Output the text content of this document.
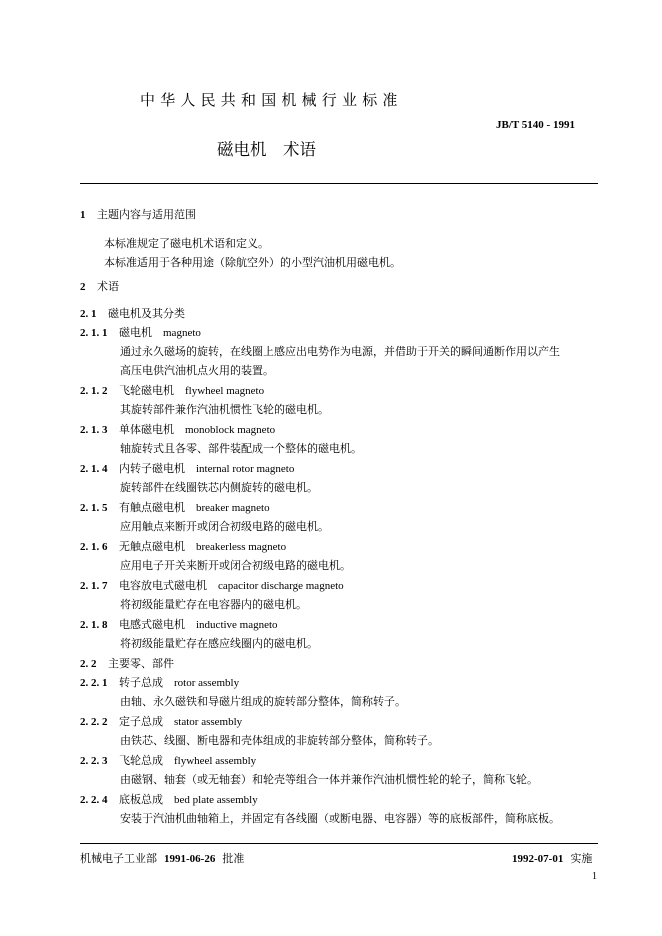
中华人民共和国机械行业标准
JB/T 5140 - 1991
磁电机　术语
1 主题内容与适用范围
本标准规定了磁电机术语和定义。
本标准适用于各种用途（除航空外）的小型汽油机用磁电机。
2 术语
2. 1 磁电机及其分类
2. 1. 1 磁电机　 magneto
通过永久磁场的旋转，在线圈上感应出电势作为电源，并借助于开关的瞬间通断作用以产生
高压电供汽油机点火用的装置。
2. 1. 2 飞轮磁电机　 flywheel magneto
其旋转部件兼作汽油机惯性飞轮的磁电机。
2. 1. 3 单体磁电机　 monoblock magneto
轴旋转式且各零、部件装配成一个整体的磁电机。
2. 1. 4 内转子磁电机　 internal rotor magneto
旋转部件在线圈铁芯内侧旋转的磁电机。
2. 1. 5 有触点磁电机　 breaker magneto
应用触点来断开或闭合初级电路的磁电机。
2. 1. 6 无触点磁电机　 breakerless magneto
应用电子开关来断开或闭合初级电路的磁电机。
2. 1. 7 电容放电式磁电机　 capacitor discharge magneto
将初级能量贮存在电容器内的磁电机。
2. 1. 8 电感式磁电机　 inductive magneto
将初级能量贮存在感应线圈内的磁电机。
2. 2 主要零、部件
2. 2. 1 转子总成　 rotor assembly
由轴、永久磁铁和导磁片组成的旋转部分整体，简称转子。
2. 2. 2 定子总成　 stator assembly
由铁芯、线圈、断电器和壳体组成的非旋转部分整体，简称转子。
2. 2. 3 飞轮总成　 flywheel assembly
由磁钢、轴套（或无轴套）和轮壳等组合一体并兼作汽油机惯性轮的轮子，简称飞轮。
2. 2. 4 底板总成　 bed plate assembly
安装于汽油机曲轴箱上，并固定有各线圈（或断电器、电容器）等的底板部件，简称底板。
机械电子工业部 1991-06-26 批准	1992-07-01 实施
1
